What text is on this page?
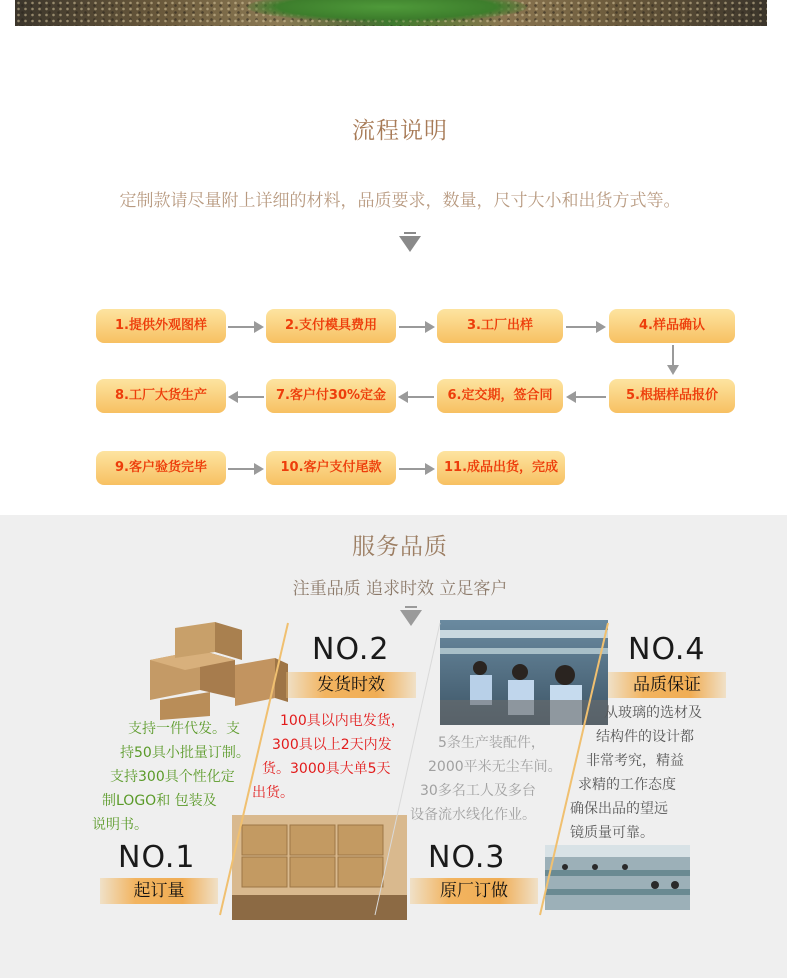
流程说明
定制款请尽量附上详细的材料，品质要求，数量，尺寸大小和出货方式等。
1.提供外观图样	2.支付模具费用	3.工厂出样	4.样品确认
8.工厂大货生产	7.客户付30%定金	6.定交期，签合同	5.根据样品报价
9.客户验货完毕	10.客户支付尾款	11.成品出货，完成
服务品质
注重品质 追求时效 立足客户
NO.2
发货时效
100具以内电发货，
300具以上2天内发
货。3000具大单5天
出货。
NO.4
品质保证
从玻璃的选材及
结构件的设计都
非常考究，精益
求精的工作态度
确保出品的望远
镜质量可靠。
支持一件代发。支
持50具小批量订制。
支持300具个性化定
制LOGO和 包装及
说明书。
NO.1
起订量
5条生产装配件，
2000平米无尘车间。
30多名工人及多台
设备流水线化作业。
NO.3
原厂订做
